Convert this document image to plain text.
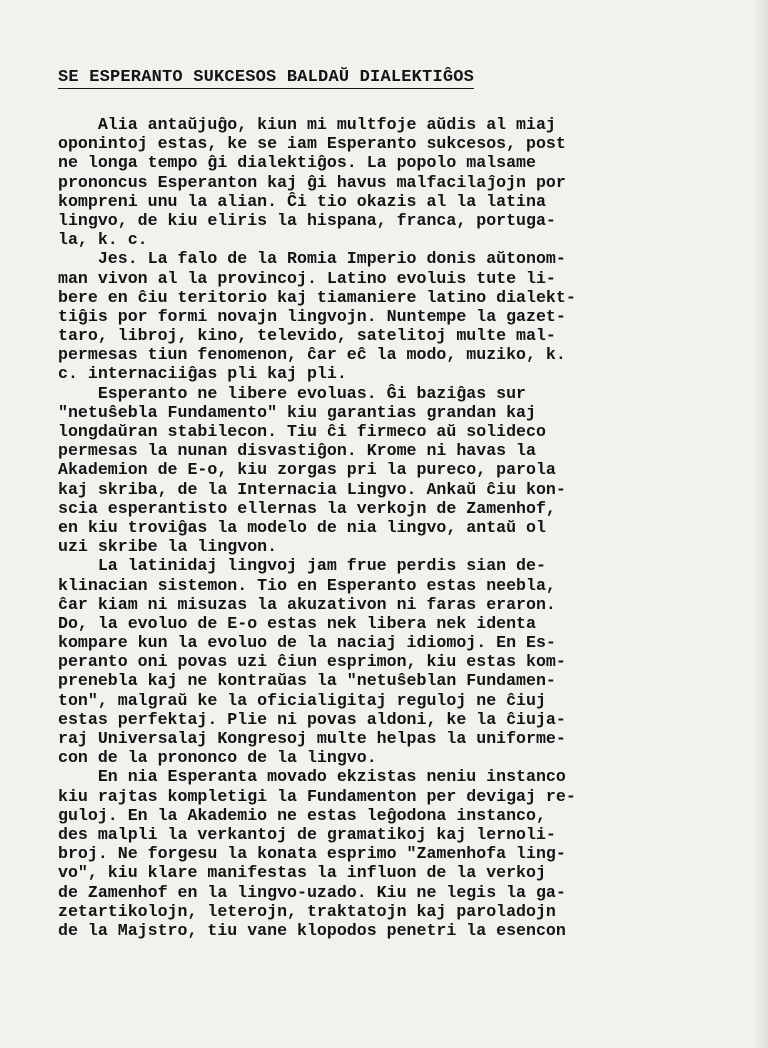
SE ESPERANTO SUKCESOS BALDAŬ DIALEKTIĜOS
Alia antaŭjuĝo, kiun mi multfoje aŭdis al miaj
oponintoj estas, ke se iam Esperanto sukcesos, post
ne longa tempo ĝi dialektiĝos. La popolo malsame
prononcus Esperanton kaj ĝi havus malfacilaĵojn por
kompreni unu la alian. Ĉi tio okazis al la latina
lingvo, de kiu eliris la hispana, franca, portuga-
la, k. c.
Jes. La falo de la Romia Imperio donis aŭtonom-
man vivon al la provincoj. Latino evoluis tute li-
bere en ĉiu teritorio kaj tiamaniere latino dialekt-
tiĝis por formi novajn lingvojn. Nuntempe la gazet-
taro, libroj, kino, televido, satelitoj multe mal-
permesas tiun fenomenon, ĉar eĉ la modo, muziko, k.
c. internaciiĝas pli kaj pli.
Esperanto ne libere evoluas. Ĝi baziĝas sur
"netuŝebla Fundamento" kiu garantias grandan kaj
longdaŭran stabilecon. Tiu ĉi firmeco aŭ solideco
permesas la nunan disvastiĝon. Krome ni havas la
Akademion de E-o, kiu zorgas pri la pureco, parola
kaj skriba, de la Internacia Lingvo. Ankaŭ ĉiu kon-
scia esperantisto ellernas la verkojn de Zamenhof,
en kiu troviĝas la modelo de nia lingvo, antaŭ ol
uzi skribe la lingvon.
La latinidaj lingvoj jam frue perdis sian de-
klinacian sistemon. Tio en Esperanto estas neebla,
ĉar kiam ni misuzas la akuzativon ni faras eraron.
Do, la evoluo de E-o estas nek libera nek identa
kompare kun la evoluo de la naciaj idiomoj. En Es-
peranto oni povas uzi ĉiun esprimon, kiu estas kom-
prenebla kaj ne kontraŭas la "netuŝeblan Fundamen-
ton", malgraŭ ke la oficialigitaj reguloj ne ĉiuj
estas perfektaj. Plie ni povas aldoni, ke la ĉiuja-
raj Universalaj Kongresoj multe helpas la uniforme-
con de la prononco de la lingvo.
En nia Esperanta movado ekzistas neniu instanco
kiu rajtas kompletigi la Fundamenton per devigaj re-
guloj. En la Akademio ne estas leĝodona instanco,
des malpli la verkantoj de gramatikoj kaj lernoli-
broj. Ne forgesu la konata esprimo "Zamenhofa ling-
vo", kiu klare manifestas la influon de la verkoj
de Zamenhof en la lingvo-uzado. Kiu ne legis la ga-
zetartikolojn, leterojn, traktatojn kaj paroladojn
de la Majstro, tiu vane klopodos penetri la esencon
